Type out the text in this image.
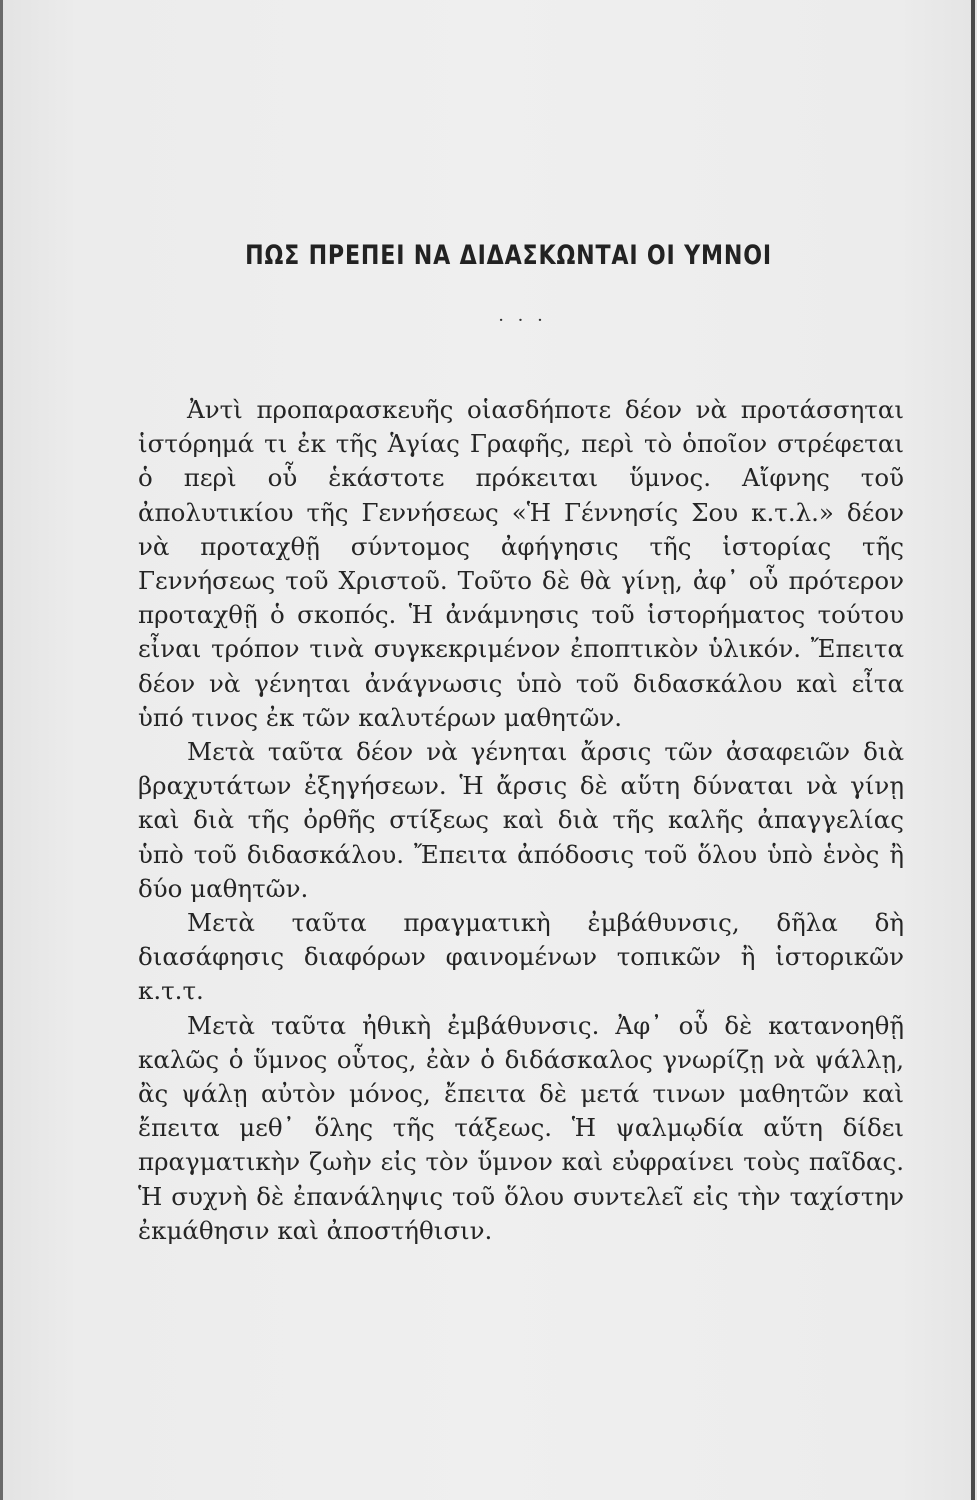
ΠΩΣ ΠΡΕΠΕΙ ΝΑ ΔΙΔΑΣΚΩΝΤΑΙ ΟΙ ΥΜΝΟΙ
· · ·

Ἀντὶ προπαρασκευῆς οἱασδήποτε δέον νὰ προτάσσηται ἱστόρημά τι ἐκ τῆς Ἁγίας Γραφῆς, περὶ τὸ ὁποῖον στρέφεται ὁ περὶ οὗ ἑκάστοτε πρόκειται ὕμνος. Αἴφνης τοῦ ἀπολυτικίου τῆς Γεννήσεως «Ἡ Γέννησίς Σου κ.τ.λ.» δέον νὰ προταχθῇ σύντομος ἀφήγησις τῆς ἱστορίας τῆς Γεννήσεως τοῦ Χριστοῦ. Τοῦτο δὲ θὰ γίνῃ, ἀφ᾿ οὗ πρότερον προταχθῇ ὁ σκοπός. Ἡ ἀνάμνησις τοῦ ἱστορήματος τούτου εἶναι τρόπον τινὰ συγκεκριμένον ἐποπτικὸν ὑλικόν. Ἔπειτα δέον νὰ γένηται ἀνάγνωσις ὑπὸ τοῦ διδασκάλου καὶ εἶτα ὑπό τινος ἐκ τῶν καλυτέρων μαθητῶν.

Μετὰ ταῦτα δέον νὰ γένηται ἄρσις τῶν ἀσαφειῶν διὰ βραχυτάτων ἐξηγήσεων. Ἡ ἄρσις δὲ αὕτη δύναται νὰ γίνῃ καὶ διὰ τῆς ὀρθῆς στίξεως καὶ διὰ τῆς καλῆς ἀπαγγελίας ὑπὸ τοῦ διδασκάλου. Ἔπειτα ἀπόδοσις τοῦ ὅλου ὑπὸ ἑνὸς ἢ δύο μαθητῶν.

Μετὰ ταῦτα πραγματικὴ ἐμβάθυνσις, δῆλα δὴ διασάφησις διαφόρων φαινομένων τοπικῶν ἢ ἱστορικῶν κ.τ.τ.

Μετὰ ταῦτα ἠθικὴ ἐμβάθυνσις. Ἀφ᾿ οὗ δὲ κατανοηθῇ καλῶς ὁ ὕμνος οὗτος, ἐὰν ὁ διδάσκαλος γνωρίζῃ νὰ ψάλλῃ, ἂς ψάλῃ αὐτὸν μόνος, ἔπειτα δὲ μετά τινων μαθητῶν καὶ ἔπειτα μεθ᾿ ὅλης τῆς τάξεως. Ἡ ψαλμῳδία αὕτη δίδει πραγματικὴν ζωὴν εἰς τὸν ὕμνον καὶ εὐφραίνει τοὺς παῖδας. Ἡ συχνὴ δὲ ἐπανάληψις τοῦ ὅλου συντελεῖ εἰς τὴν ταχίστην ἐκμάθησιν καὶ ἀποστήθισιν.
